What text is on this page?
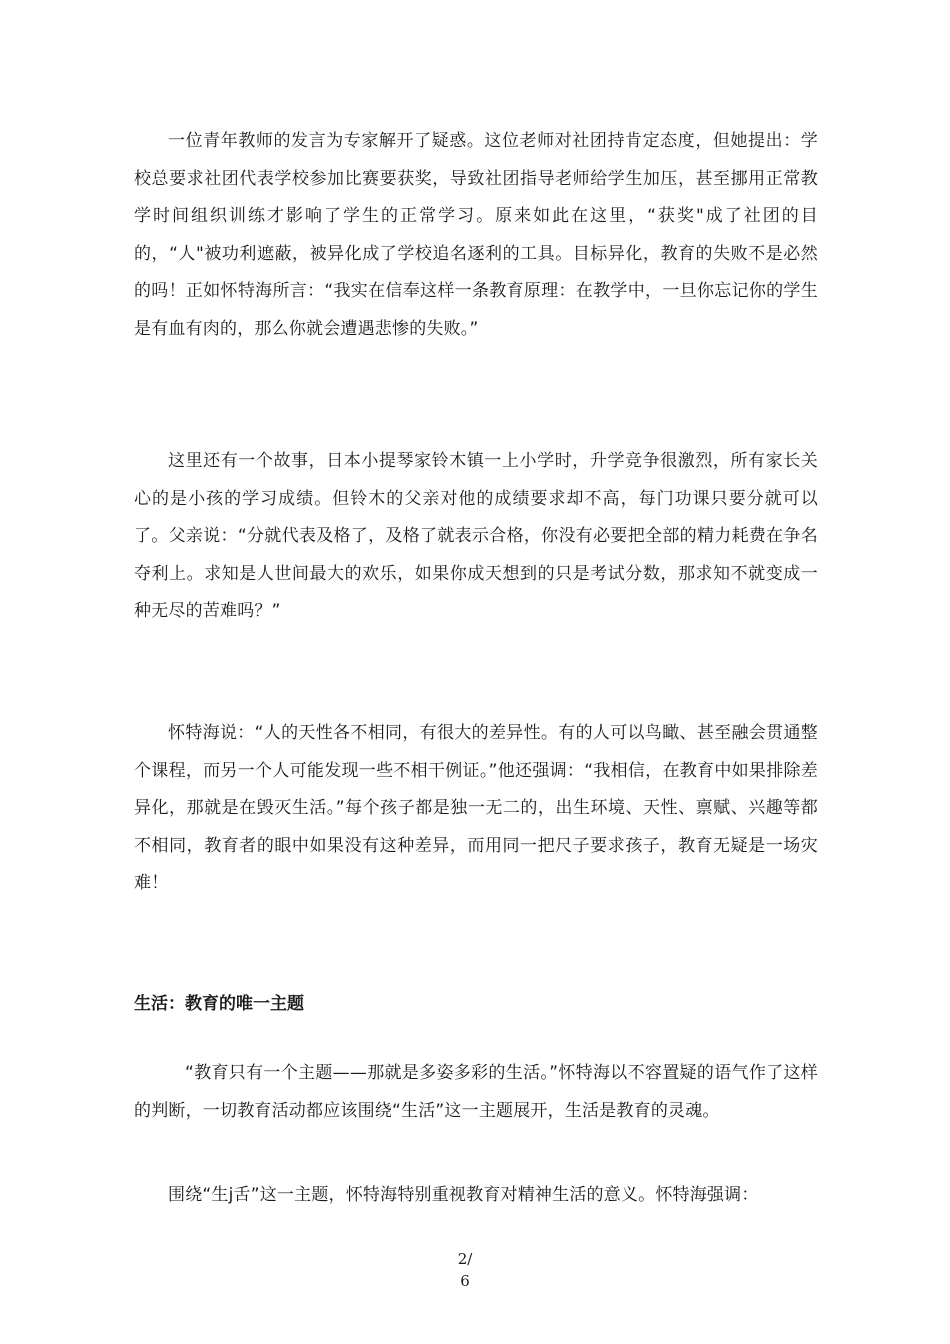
一位青年教师的发言为专家解开了疑惑。这位老师对社团持肯定态度，但她提出：学校总要求社团代表学校参加比赛要获奖，导致社团指导老师给学生加压，甚至挪用正常教学时间组织训练才影响了学生的正常学习。原来如此在这里，“获奖"成了社团的目的，“人"被功利遮蔽，被异化成了学校追名逐利的工具。目标异化，教育的失败不是必然的吗！正如怀特海所言：“我实在信奉这样一条教育原理：在教学中，一旦你忘记你的学生是有血有肉的，那么你就会遭遇悲惨的失败。”

这里还有一个故事，日本小提琴家铃木镇一上小学时，升学竞争很激烈，所有家长关心的是小孩的学习成绩。但铃木的父亲对他的成绩要求却不高，每门功课只要分就可以了。父亲说：“分就代表及格了，及格了就表示合格，你没有必要把全部的精力耗费在争名夺利上。求知是人世间最大的欢乐，如果你成天想到的只是考试分数，那求知不就变成一种无尽的苦难吗？”

怀特海说：“人的天性各不相同，有很大的差异性。有的人可以鸟瞰、甚至融会贯通整个课程，而另一个人可能发现一些不相干例证。”他还强调：“我相信，在教育中如果排除差异化，那就是在毁灭生活。”每个孩子都是独一无二的，出生环境、天性、禀赋、兴趣等都不相同，教育者的眼中如果没有这种差异，而用同一把尺子要求孩子，教育无疑是一场灾难！

生活：教育的唯一主题

“教育只有一个主题——那就是多姿多彩的生活。”怀特海以不容置疑的语气作了这样的判断，一切教育活动都应该围绕“生活”这一主题展开，生活是教育的灵魂。

围绕“生j舌”这一主题，怀特海特别重视教育对精神生活的意义。怀特海强调：

2/
6
